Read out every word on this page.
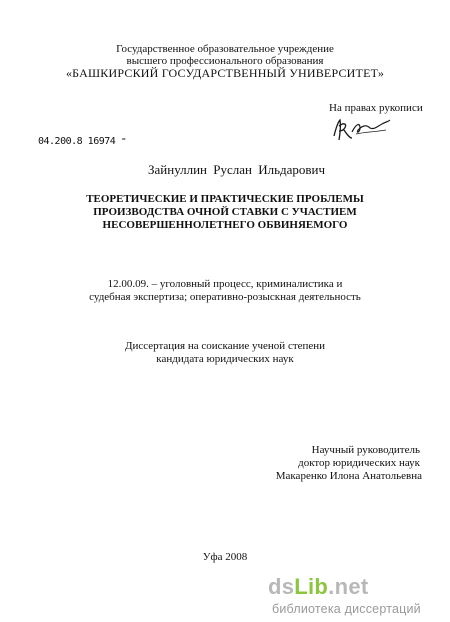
Государственное образовательное учреждение
высшего профессионального образования
«БАШКИРСКИЙ ГОСУДАРСТВЕННЫЙ УНИВЕРСИТЕТ»
На правах рукописи
04.200.8 16974 ⁼
Зайнуллин Руслан Ильдарович
ТЕОРЕТИЧЕСКИЕ И ПРАКТИЧЕСКИЕ ПРОБЛЕМЫ
ПРОИЗВОДСТВА ОЧНОЙ СТАВКИ С УЧАСТИЕМ
НЕСОВЕРШЕННОЛЕТНЕГО ОБВИНЯЕМОГО
12.00.09. – уголовный процесс, криминалистика и
судебная экспертиза; оперативно-розыскная деятельность
Диссертация на соискание ученой степени
кандидата юридических наук
Научный руководитель
доктор юридических наук
Макаренко Илона Анатольевна
Уфа 2008
dsLib.net
библиотека диссертаций
